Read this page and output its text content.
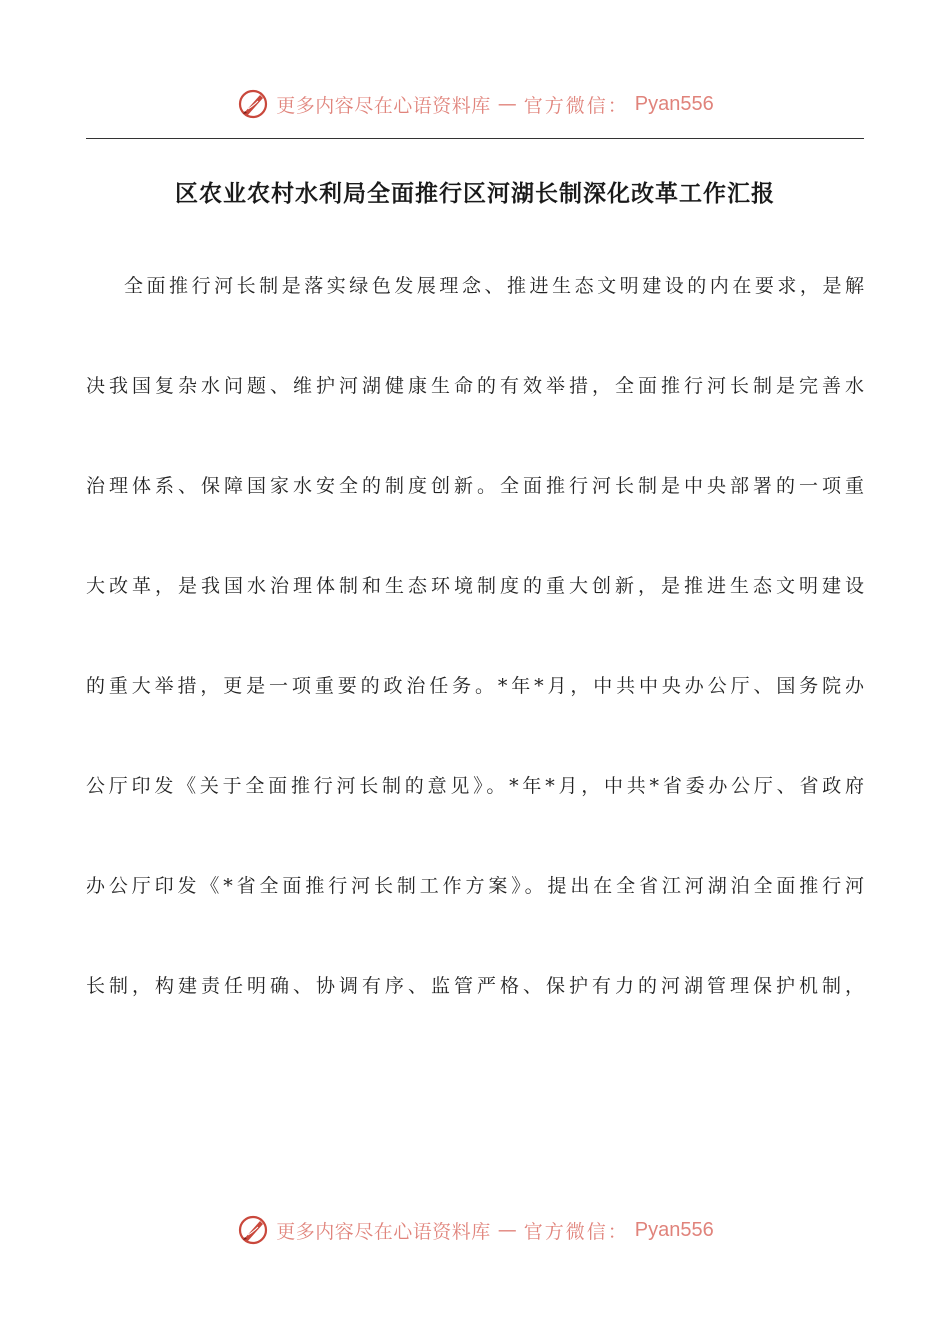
更多内容尽在心语资料库 — 官方微信： Pyan556
区农业农村水利局全面推行区河湖长制深化改革工作汇报
全面推行河长制是落实绿色发展理念、推进生态文明建设的内在要求，是解
决我国复杂水问题、维护河湖健康生命的有效举措，全面推行河长制是完善水
治理体系、保障国家水安全的制度创新。全面推行河长制是中央部署的一项重
大改革，是我国水治理体制和生态环境制度的重大创新，是推进生态文明建设
的重大举措，更是一项重要的政治任务。*年*月，中共中央办公厅、国务院办
公厅印发《关于全面推行河长制的意见》。*年*月，中共*省委办公厅、省政府
办公厅印发《*省全面推行河长制工作方案》。提出在全省江河湖泊全面推行河
长制，构建责任明确、协调有序、监管严格、保护有力的河湖管理保护机制，
更多内容尽在心语资料库 — 官方微信： Pyan556
